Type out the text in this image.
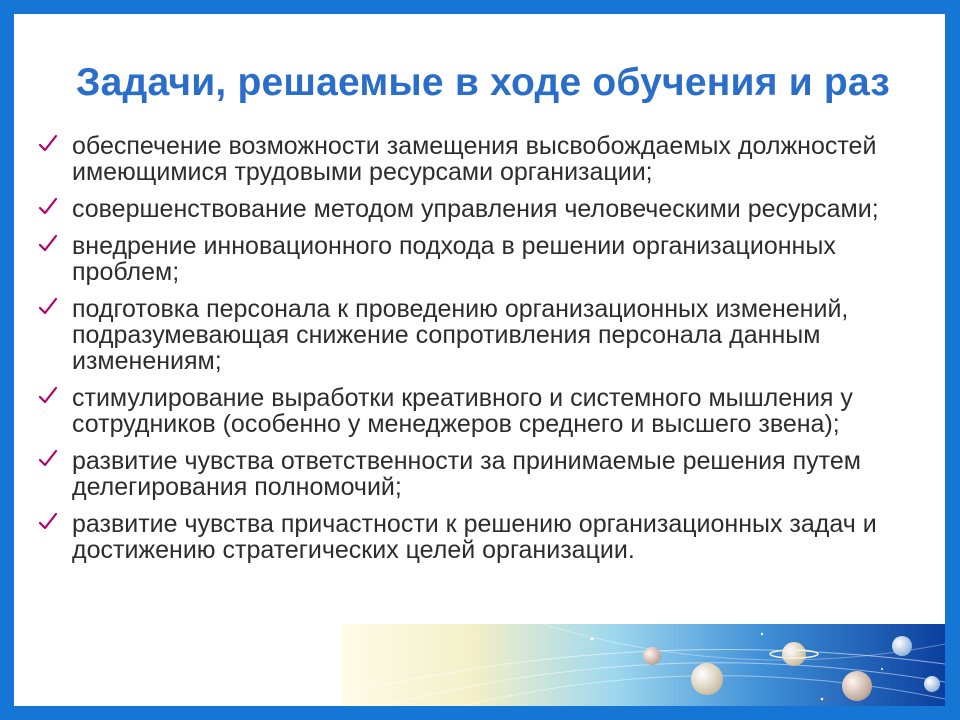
Задачи, решаемые в ходе обучения и раз
обеспечение возможности замещения высвобождаемых должностей имеющимися трудовыми ресурсами организации;
совершенствование методом управления человеческими ресурсами;
внедрение инновационного подхода в решении организационных проблем;
подготовка персонала к проведению организационных изменений, подразумевающая снижение сопротивления персонала данным изменениям;
стимулирование выработки креативного и системного мышления у сотрудников (особенно у менеджеров среднего и высшего звена);
развитие чувства ответственности за принимаемые решения путем делегирования полномочий;
развитие чувства причастности к решению организационных задач и достижению стратегических целей организации.
